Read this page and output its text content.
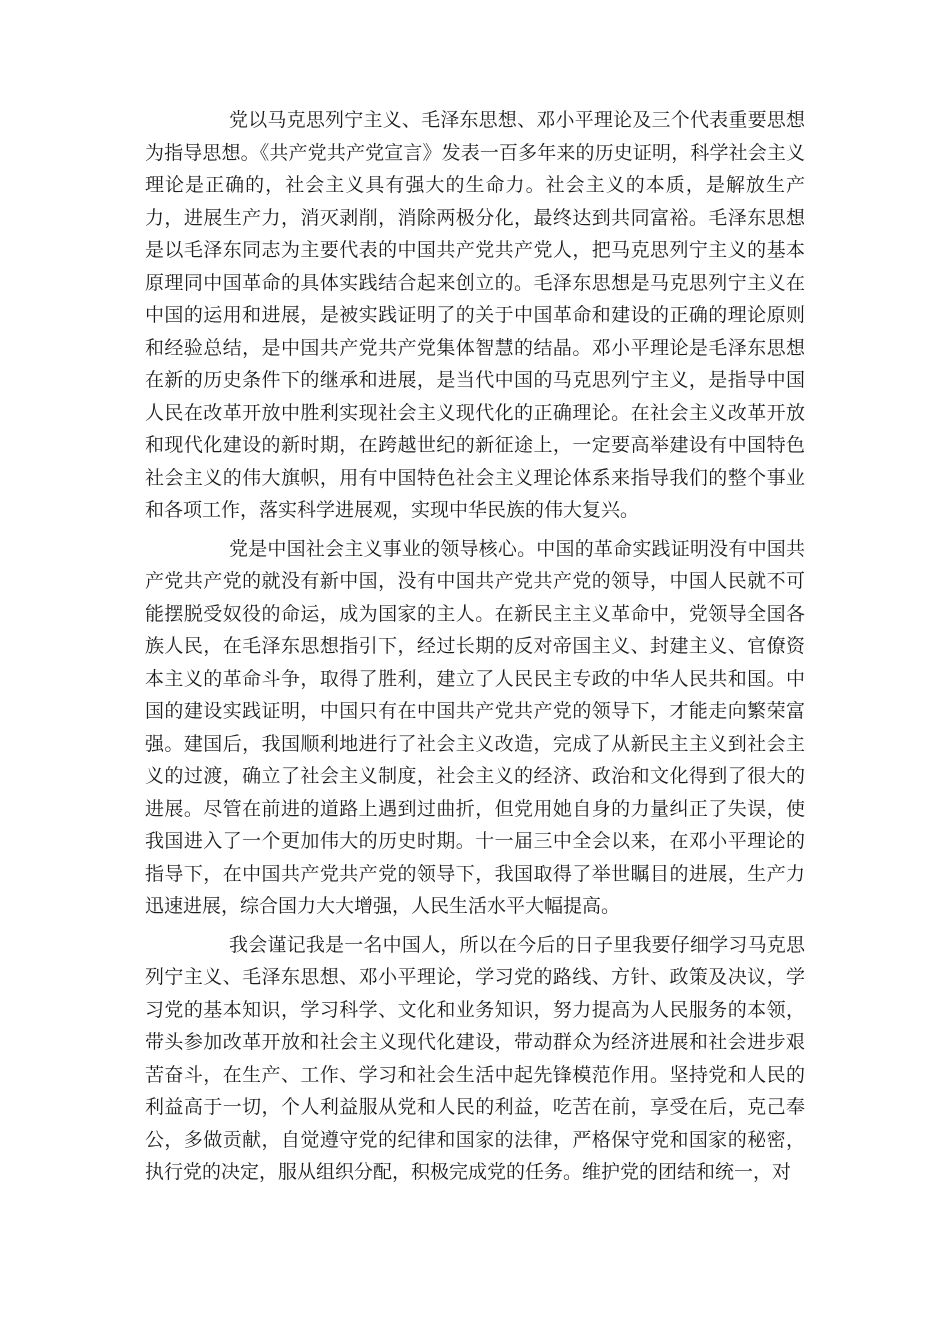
党以马克思列宁主义、毛泽东思想、邓小平理论及三个代表重要思想为指导思想。《共产党共产党宣言》发表一百多年来的历史证明，科学社会主义理论是正确的，社会主义具有强大的生命力。社会主义的本质，是解放生产力，进展生产力，消灭剥削，消除两极分化，最终达到共同富裕。毛泽东思想是以毛泽东同志为主要代表的中国共产党共产党人，把马克思列宁主义的基本原理同中国革命的具体实践结合起来创立的。毛泽东思想是马克思列宁主义在中国的运用和进展，是被实践证明了的关于中国革命和建设的正确的理论原则和经验总结，是中国共产党共产党集体智慧的结晶。邓小平理论是毛泽东思想在新的历史条件下的继承和进展，是当代中国的马克思列宁主义，是指导中国人民在改革开放中胜利实现社会主义现代化的正确理论。在社会主义改革开放和现代化建设的新时期，在跨越世纪的新征途上，一定要高举建设有中国特色社会主义的伟大旗帜，用有中国特色社会主义理论体系来指导我们的整个事业和各项工作，落实科学进展观，实现中华民族的伟大复兴。

党是中国社会主义事业的领导核心。中国的革命实践证明没有中国共产党共产党的就没有新中国，没有中国共产党共产党的领导，中国人民就不可能摆脱受奴役的命运，成为国家的主人。在新民主主义革命中，党领导全国各族人民，在毛泽东思想指引下，经过长期的反对帝国主义、封建主义、官僚资本主义的革命斗争，取得了胜利，建立了人民民主专政的中华人民共和国。中国的建设实践证明，中国只有在中国共产党共产党的领导下，才能走向繁荣富强。建国后，我国顺利地进行了社会主义改造，完成了从新民主主义到社会主义的过渡，确立了社会主义制度，社会主义的经济、政治和文化得到了很大的进展。尽管在前进的道路上遇到过曲折，但党用她自身的力量纠正了失误，使我国进入了一个更加伟大的历史时期。十一届三中全会以来，在邓小平理论的指导下，在中国共产党共产党的领导下，我国取得了举世瞩目的进展，生产力迅速进展，综合国力大大增强，人民生活水平大幅提高。

我会谨记我是一名中国人，所以在今后的日子里我要仔细学习马克思列宁主义、毛泽东思想、邓小平理论，学习党的路线、方针、政策及决议，学习党的基本知识，学习科学、文化和业务知识，努力提高为人民服务的本领，带头参加改革开放和社会主义现代化建设，带动群众为经济进展和社会进步艰苦奋斗，在生产、工作、学习和社会生活中起先锋模范作用。坚持党和人民的利益高于一切，个人利益服从党和人民的利益，吃苦在前，享受在后，克己奉公，多做贡献，自觉遵守党的纪律和国家的法律，严格保守党和国家的秘密，执行党的决定，服从组织分配，积极完成党的任务。维护党的团结和统一，对
